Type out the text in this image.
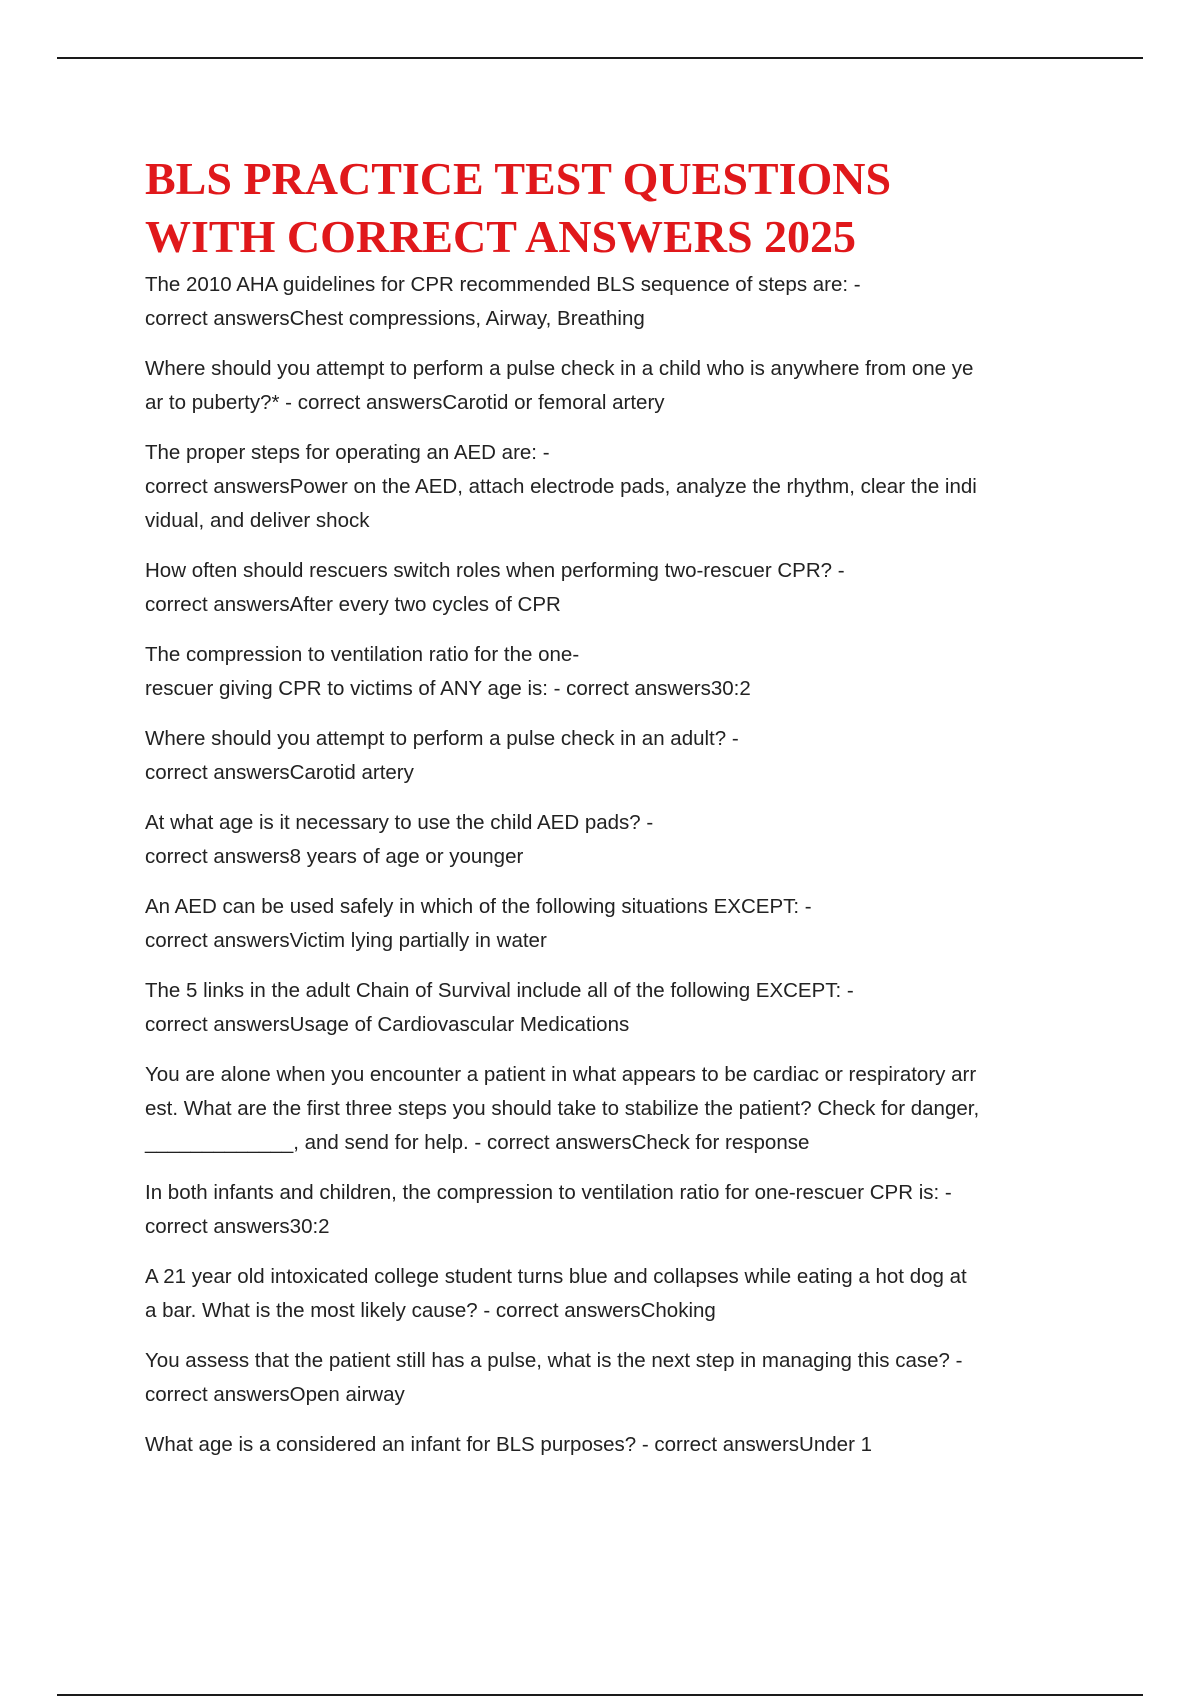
BLS PRACTICE TEST QUESTIONS
WITH CORRECT ANSWERS 2025

The 2010 AHA guidelines for CPR recommended BLS sequence of steps are: -
correct answersChest compressions, Airway, Breathing

Where should you attempt to perform a pulse check in a child who is anywhere from one ye
ar to puberty?* - correct answersCarotid or femoral artery

The proper steps for operating an AED are: -
correct answersPower on the AED, attach electrode pads, analyze the rhythm, clear the indi
vidual, and deliver shock

How often should rescuers switch roles when performing two-rescuer CPR? -
correct answersAfter every two cycles of CPR

The compression to ventilation ratio for the one-
rescuer giving CPR to victims of ANY age is: - correct answers30:2

Where should you attempt to perform a pulse check in an adult? -
correct answersCarotid artery

At what age is it necessary to use the child AED pads? -
correct answers8 years of age or younger

An AED can be used safely in which of the following situations EXCEPT: -
correct answersVictim lying partially in water

The 5 links in the adult Chain of Survival include all of the following EXCEPT: -
correct answersUsage of Cardiovascular Medications

You are alone when you encounter a patient in what appears to be cardiac or respiratory arr
est. What are the first three steps you should take to stabilize the patient? Check for danger,
_____________, and send for help. - correct answersCheck for response

In both infants and children, the compression to ventilation ratio for one-rescuer CPR is: -
correct answers30:2

A 21 year old intoxicated college student turns blue and collapses while eating a hot dog at
a bar. What is the most likely cause? - correct answersChoking

You assess that the patient still has a pulse, what is the next step in managing this case? -
correct answersOpen airway

What age is a considered an infant for BLS purposes? - correct answersUnder 1
